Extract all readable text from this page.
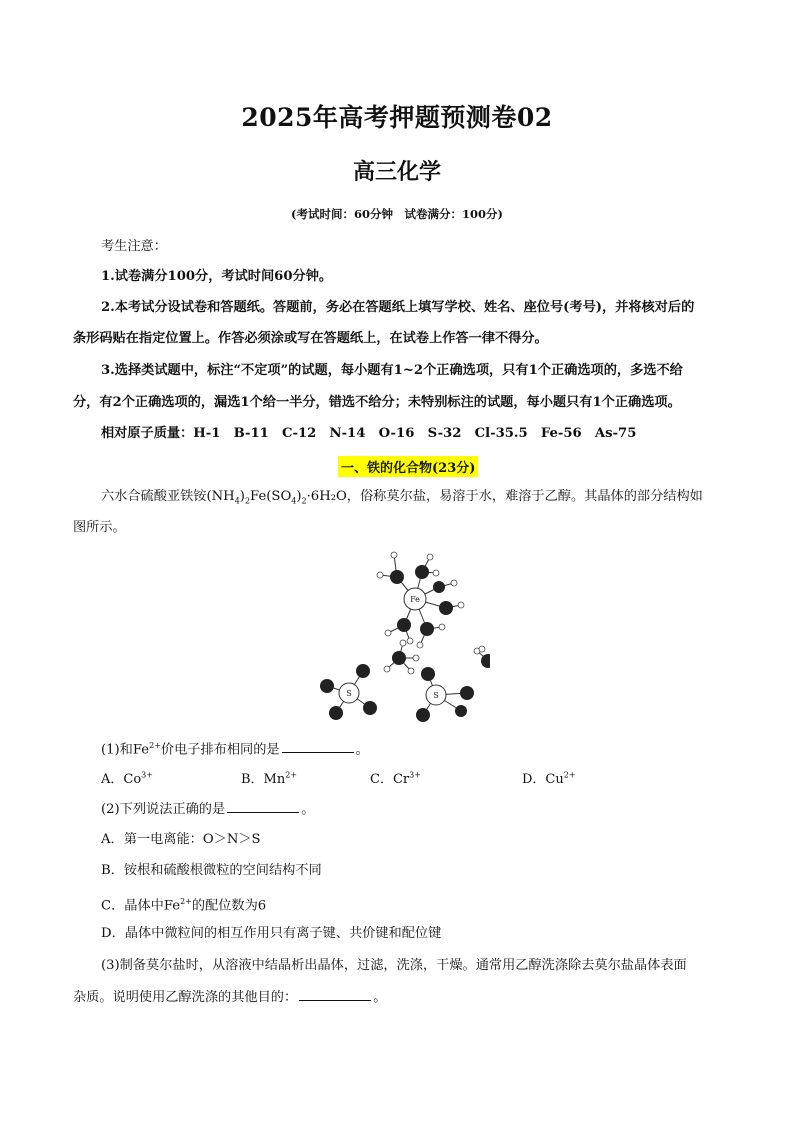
2025年高考押题预测卷02
高三化学
(考试时间：60分钟　试卷满分：100分)
考生注意：
1.试卷满分100分，考试时间60分钟。
2.本考试分设试卷和答题纸。答题前，务必在答题纸上填写学校、姓名、座位号(考号)，并将核对后的
条形码贴在指定位置上。作答必须涂或写在答题纸上，在试卷上作答一律不得分。
3.选择类试题中，标注“不定项”的试题，每小题有1~2个正确选项，只有1个正确选项的，多选不给
分，有2个正确选项的，漏选1个给一半分，错选不给分；未特别标注的试题，每小题只有1个正确选项。
相对原子质量：H-1　B-11　C-12　N-14　O-16　S-32　Cl-35.5　Fe-56　As-75
一、铁的化合物(23分)
六水合硫酸亚铁铵$(NH_4)_2Fe(SO_4)_2\cdot 6H_2O$，俗称莫尔盐，易溶于水，难溶于乙醇。其晶体的部分结构如
图所示。
Fe
S	S
(1)和$Fe^{2+}$价电子排布相同的是	。
A．$Co^{3+}$	B．$Mn^{2+}$	C．$Cr^{3+}$	D．$Cu^{2+}$
(2)下列说法正确的是	。
A．第一电离能：O＞N＞S
B．铵根和硫酸根微粒的空间结构不同
C．晶体中$Fe^{2+}$的配位数为6
D．晶体中微粒间的相互作用只有离子键、共价键和配位键
(3)制备莫尔盐时，从溶液中结晶析出晶体，过滤，洗涤，干燥。通常用乙醇洗涤除去莫尔盐晶体表面
杂质。说明使用乙醇洗涤的其他目的：	。
